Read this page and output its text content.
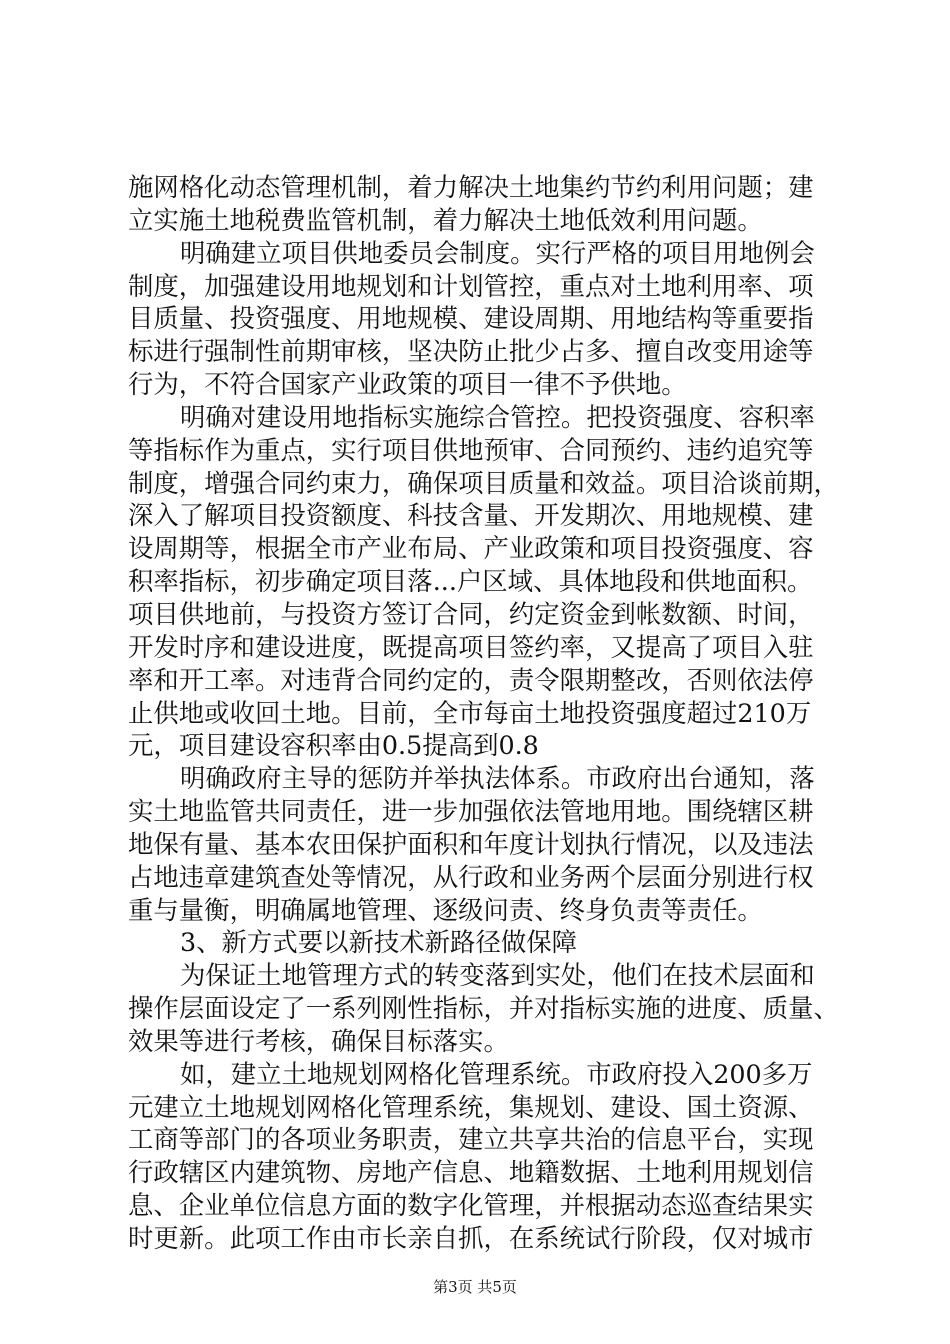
施网格化动态管理机制，着力解决土地集约节约利用问题；建
立实施土地税费监管机制，着力解决土地低效利用问题。
明确建立项目供地委员会制度。实行严格的项目用地例会
制度，加强建设用地规划和计划管控，重点对土地利用率、项
目质量、投资强度、用地规模、建设周期、用地结构等重要指
标进行强制性前期审核，坚决防止批少占多、擅自改变用途等
行为，不符合国家产业政策的项目一律不予供地。
明确对建设用地指标实施综合管控。把投资强度、容积率
等指标作为重点，实行项目供地预审、合同预约、违约追究等
制度，增强合同约束力，确保项目质量和效益。项目洽谈前期，
深入了解项目投资额度、科技含量、开发期次、用地规模、建
设周期等，根据全市产业布局、产业政策和项目投资强度、容
积率指标，初步确定项目落...户区域、具体地段和供地面积。
项目供地前，与投资方签订合同，约定资金到帐数额、时间，
开发时序和建设进度，既提高项目签约率，又提高了项目入驻
率和开工率。对违背合同约定的，责令限期整改，否则依法停
止供地或收回土地。目前，全市每亩土地投资强度超过210万
元，项目建设容积率由0.5提高到0.8
明确政府主导的惩防并举执法体系。市政府出台通知，落
实土地监管共同责任，进一步加强依法管地用地。围绕辖区耕
地保有量、基本农田保护面积和年度计划执行情况，以及违法
占地违章建筑查处等情况，从行政和业务两个层面分别进行权
重与量衡，明确属地管理、逐级问责、终身负责等责任。
3、新方式要以新技术新路径做保障
为保证土地管理方式的转变落到实处，他们在技术层面和
操作层面设定了一系列刚性指标，并对指标实施的进度、质量、
效果等进行考核，确保目标落实。
如，建立土地规划网格化管理系统。市政府投入200多万
元建立土地规划网格化管理系统，集规划、建设、国土资源、
工商等部门的各项业务职责，建立共享共治的信息平台，实现
行政辖区内建筑物、房地产信息、地籍数据、土地利用规划信
息、企业单位信息方面的数字化管理，并根据动态巡查结果实
时更新。此项工作由市长亲自抓，在系统试行阶段，仅对城市
第3页 共5页
